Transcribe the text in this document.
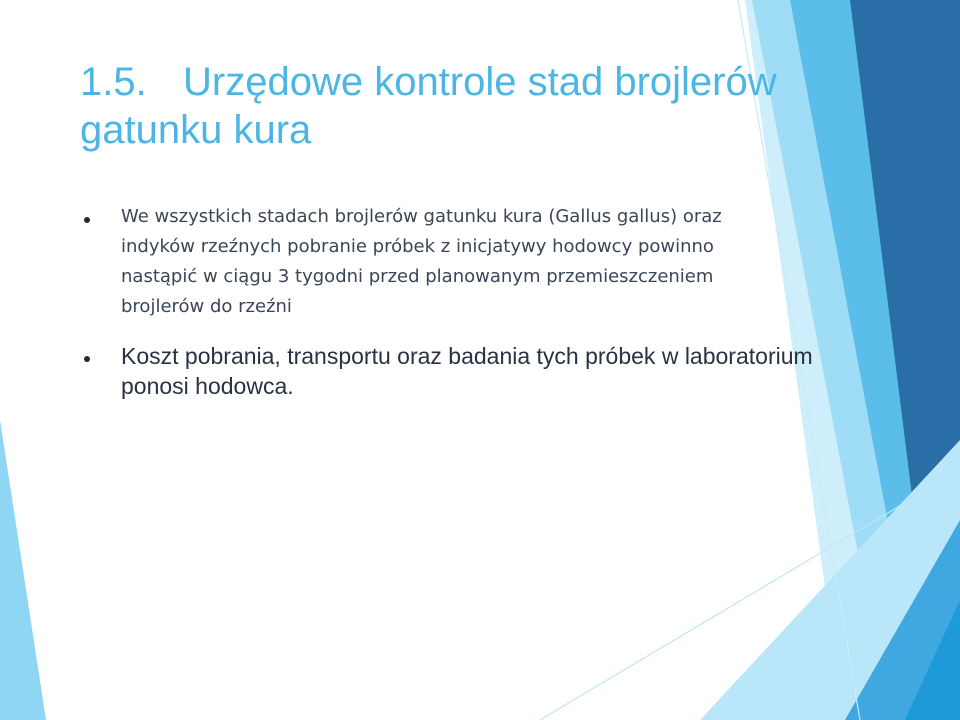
1.5. Urzędowe kontrole stad brojlerów
gatunku kura
We wszystkich stadach brojlerów gatunku kura (Gallus gallus) oraz
indyków rzeźnych pobranie próbek z inicjatywy hodowcy powinno
nastąpić w ciągu 3 tygodni przed planowanym przemieszczeniem
brojlerów do rzeźni
Koszt pobrania, transportu oraz badania tych próbek w laboratorium
ponosi hodowca.
